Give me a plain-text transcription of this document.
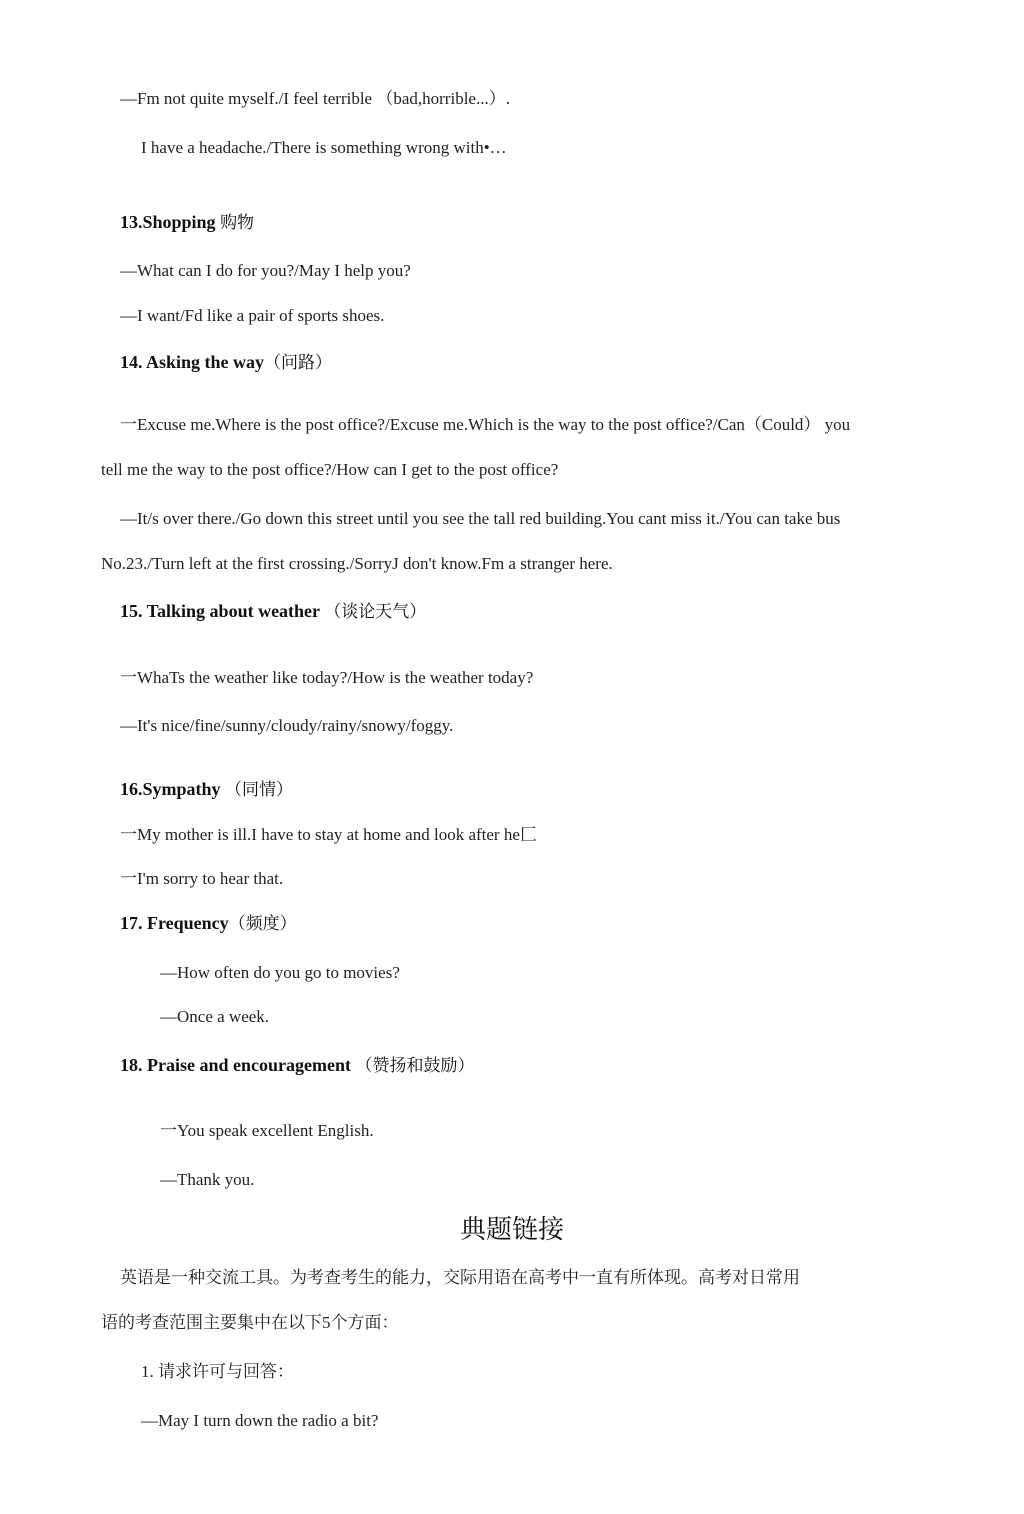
—Fm not quite myself./I feel terrible （bad,horrible...）.
I have a headache./There is something wrong with•…
13.Shopping 购物
—What can I do for you?/May I help you?
—I want/Fd like a pair of sports shoes.
14. Asking the way（问路）
一Excuse me.Where is the post office?/Excuse me.Which is the way to the post office?/Can（Could） you
tell me the way to the post office?/How can I get to the post office?
—It/s over there./Go down this street until you see the tall red building.You cant miss it./You can take bus
No.23./Turn left at the first crossing./SorryJ don't know.Fm a stranger here.
15. Talking about weather （谈论天气）
一WhaTs the weather like today?/How is the weather today?
—It's nice/fine/sunny/cloudy/rainy/snowy/foggy.
16.Sympathy （同情）
一My mother is ill.I have to stay at home and look after he匚
一I'm sorry to hear that.
17. Frequency（频度）
—How often do you go to movies?
—Once a week.
18. Praise and encouragement （赞扬和鼓励）
一You speak excellent English.
—Thank you.
典题链接
英语是一种交流工具。为考查考生的能力，交际用语在高考中一直有所体现。高考对日常用
语的考查范围主要集中在以下5个方面：
1. 请求许可与回答：
—May I turn down the radio a bit?
